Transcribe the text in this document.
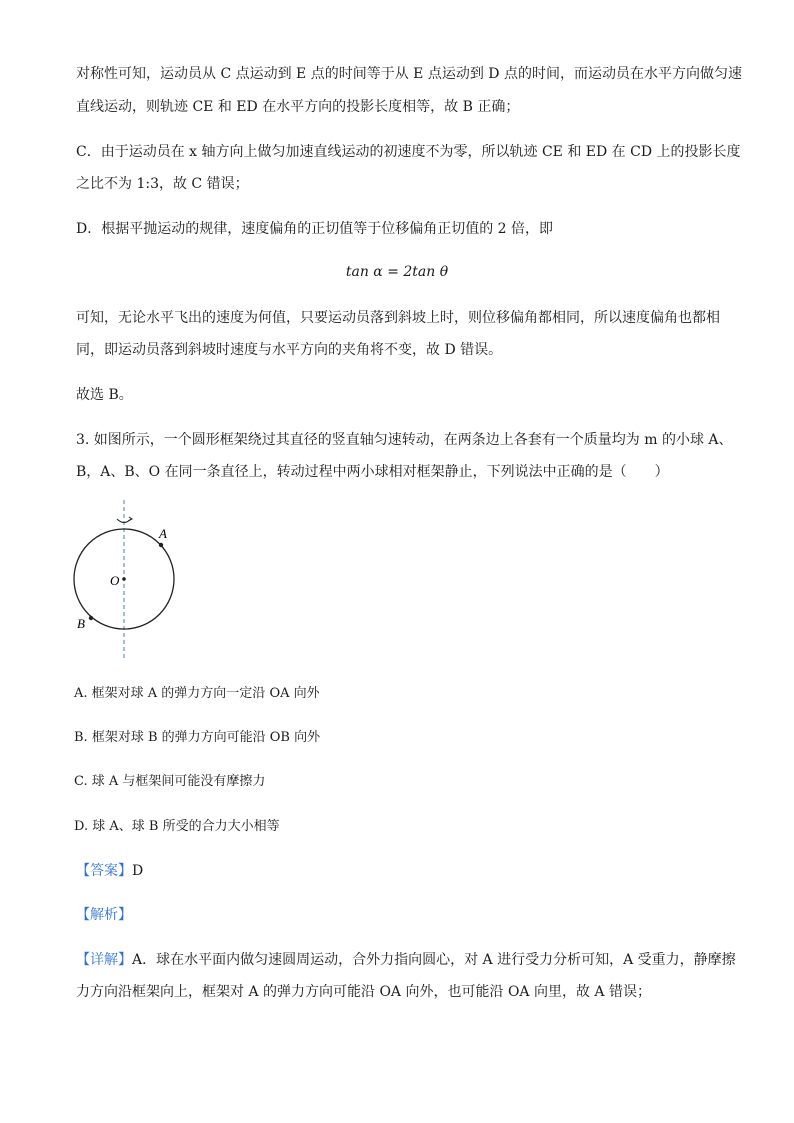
对称性可知，运动员从 C 点运动到 E 点的时间等于从 E 点运动到 D 点的时间，而运动员在水平方向做匀速
直线运动，则轨迹 CE 和 ED 在水平方向的投影长度相等，故 B 正确；
C．由于运动员在 x 轴方向上做匀加速直线运动的初速度不为零，所以轨迹 CE 和 ED 在 CD 上的投影长度
之比不为 1:3，故 C 错误；
D．根据平抛运动的规律，速度偏角的正切值等于位移偏角正切值的 2 倍，即
tan α = 2tan θ
可知，无论水平飞出的速度为何值，只要运动员落到斜坡上时，则位移偏角都相同，所以速度偏角也都相
同，即运动员落到斜坡时速度与水平方向的夹角将不变，故 D 错误。
故选 B。
3. 如图所示，一个圆形框架绕过其直径的竖直轴匀速转动，在两条边上各套有一个质量均为 m 的小球 A、
B，A、B、O 在同一条直径上，转动过程中两小球相对框架静止，下列说法中正确的是（　　）
A
O
B
A. 框架对球 A 的弹力方向一定沿 OA 向外
B. 框架对球 B 的弹力方向可能沿 OB 向外
C. 球 A 与框架间可能没有摩擦力
D. 球 A、球 B 所受的合力大小相等
【答案】D
【解析】
【详解】A．球在水平面内做匀速圆周运动，合外力指向圆心，对 A 进行受力分析可知，A 受重力，静摩擦
力方向沿框架向上，框架对 A 的弹力方向可能沿 OA 向外，也可能沿 OA 向里，故 A 错误；
